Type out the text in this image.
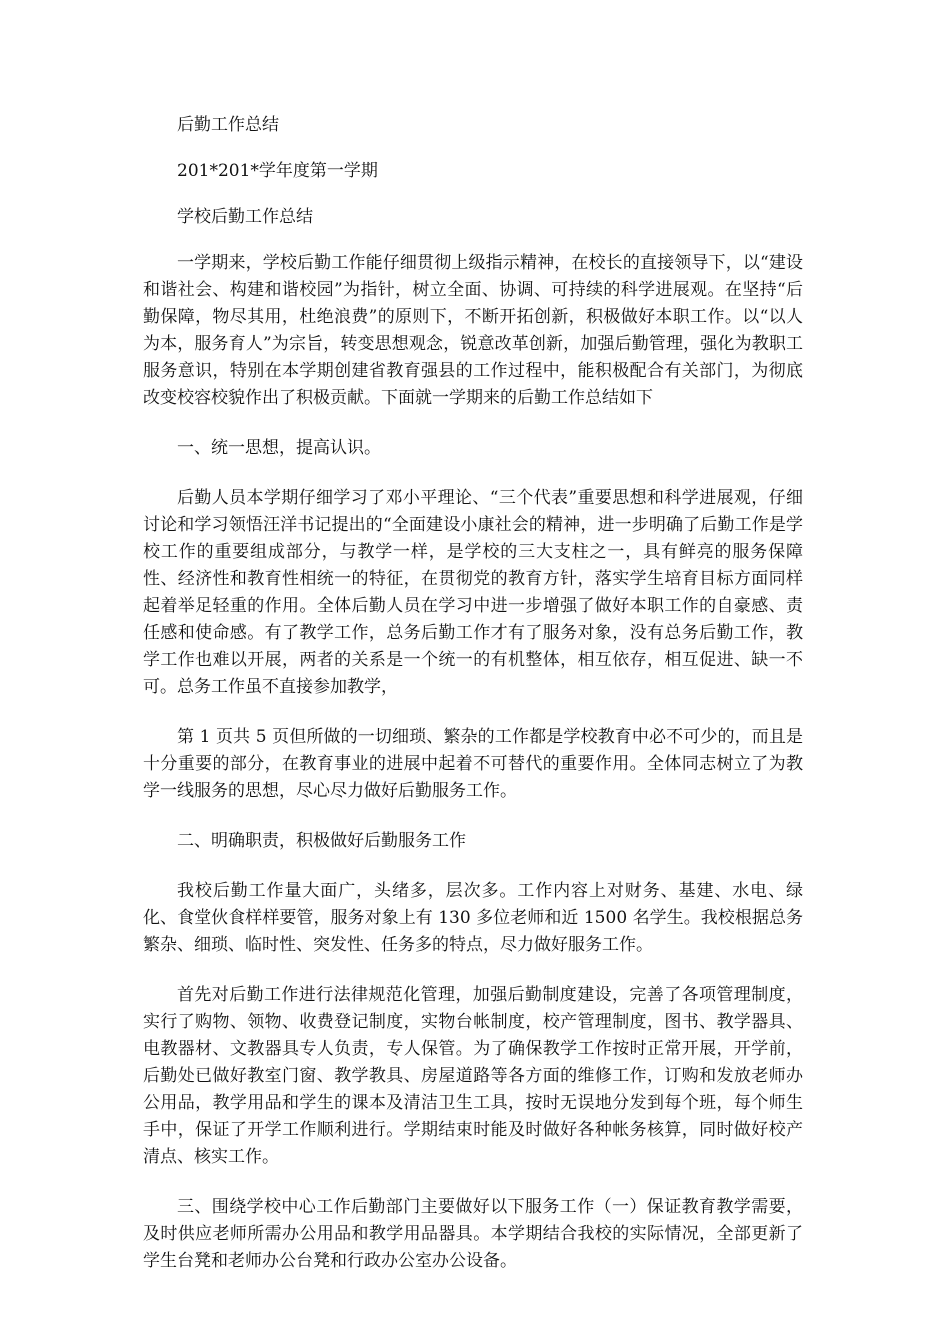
后勤工作总结

201*201*学年度第一学期

学校后勤工作总结

一学期来，学校后勤工作能仔细贯彻上级指示精神，在校长的直接领导下，以“建设和谐社会、构建和谐校园”为指针，树立全面、协调、可持续的科学进展观。在坚持“后勤保障，物尽其用，杜绝浪费”的原则下，不断开拓创新，积极做好本职工作。以“以人为本，服务育人”为宗旨，转变思想观念，锐意改革创新，加强后勤管理，强化为教职工服务意识，特别在本学期创建省教育强县的工作过程中，能积极配合有关部门，为彻底改变校容校貌作出了积极贡献。下面就一学期来的后勤工作总结如下

一、统一思想，提高认识。

后勤人员本学期仔细学习了邓小平理论、“三个代表”重要思想和科学进展观，仔细讨论和学习领悟汪洋书记提出的“全面建设小康社会的精神，进一步明确了后勤工作是学校工作的重要组成部分，与教学一样，是学校的三大支柱之一，具有鲜亮的服务保障性、经济性和教育性相统一的特征，在贯彻党的教育方针，落实学生培育目标方面同样起着举足轻重的作用。全体后勤人员在学习中进一步增强了做好本职工作的自豪感、责任感和使命感。有了教学工作，总务后勤工作才有了服务对象，没有总务后勤工作，教学工作也难以开展，两者的关系是一个统一的有机整体，相互依存，相互促进、缺一不可。总务工作虽不直接参加教学，

第 1 页共 5 页但所做的一切细琐、繁杂的工作都是学校教育中必不可少的，而且是十分重要的部分，在教育事业的进展中起着不可替代的重要作用。全体同志树立了为教学一线服务的思想，尽心尽力做好后勤服务工作。

二、明确职责，积极做好后勤服务工作

我校后勤工作量大面广，头绪多，层次多。工作内容上对财务、基建、水电、绿化、食堂伙食样样要管，服务对象上有 130 多位老师和近 1500 名学生。我校根据总务繁杂、细琐、临时性、突发性、任务多的特点，尽力做好服务工作。

首先对后勤工作进行法律规范化管理，加强后勤制度建设，完善了各项管理制度，实行了购物、领物、收费登记制度，实物台帐制度，校产管理制度，图书、教学器具、电教器材、文教器具专人负责，专人保管。为了确保教学工作按时正常开展，开学前，后勤处已做好教室门窗、教学教具、房屋道路等各方面的维修工作，订购和发放老师办公用品，教学用品和学生的课本及清洁卫生工具，按时无误地分发到每个班，每个师生手中，保证了开学工作顺利进行。学期结束时能及时做好各种帐务核算，同时做好校产清点、核实工作。

三、围绕学校中心工作后勤部门主要做好以下服务工作（一）保证教育教学需要，及时供应老师所需办公用品和教学用品器具。本学期结合我校的实际情况，全部更新了学生台凳和老师办公台凳和行政办公室办公设备。
